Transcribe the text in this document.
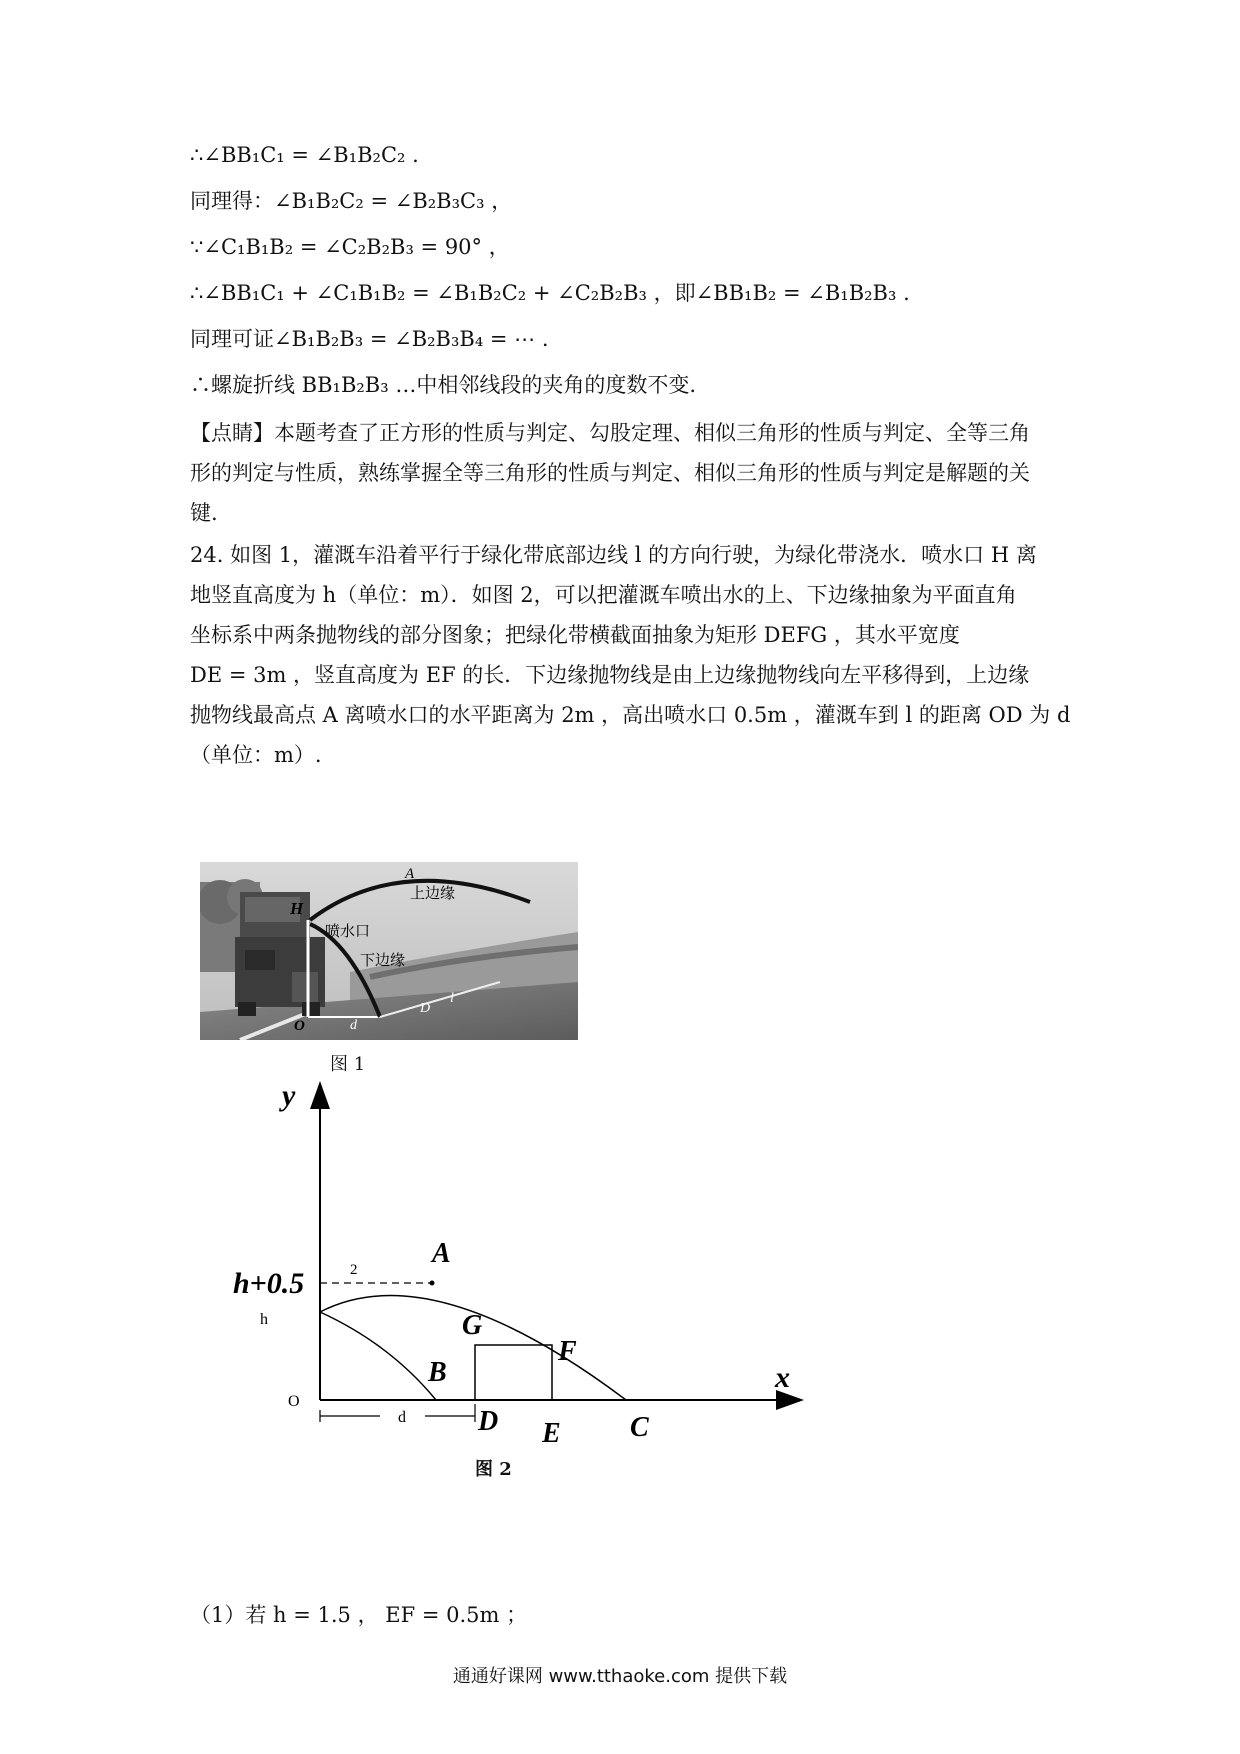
∴∠BB₁C₁ = ∠B₁B₂C₂ .
同理得：∠B₁B₂C₂ = ∠B₂B₃C₃ ，
∵∠C₁B₁B₂ = ∠C₂B₂B₃ = 90° ，
∴∠BB₁C₁ + ∠C₁B₁B₂ = ∠B₁B₂C₂ + ∠C₂B₂B₃ ，即∠BB₁B₂ = ∠B₁B₂B₃ .
同理可证∠B₁B₂B₃ = ∠B₂B₃B₄ = ⋯ .
∴螺旋折线 BB₁B₂B₃ …中相邻线段的夹角的度数不变.
【点睛】本题考查了正方形的性质与判定、勾股定理、相似三角形的性质与判定、全等三角
形的判定与性质，熟练掌握全等三角形的性质与判定、相似三角形的性质与判定是解题的关
键.
24. 如图 1，灌溉车沿着平行于绿化带底部边线 l 的方向行驶，为绿化带浇水．喷水口 H 离
地竖直高度为 h（单位：m）．如图 2，可以把灌溉车喷出水的上、下边缘抽象为平面直角
坐标系中两条抛物线的部分图象；把绿化带横截面抽象为矩形 DEFG ，其水平宽度
DE = 3m ，竖直高度为 EF 的长．下边缘抛物线是由上边缘抛物线向左平移得到，上边缘
抛物线最高点 A 离喷水口的水平距离为 2m ，高出喷水口 0.5m ，灌溉车到 l 的距离 OD 为 d
（单位：m）.
A
上边缘
H
喷水口
下边缘
O	d
D
l
图 1
y
x
O
h+0.5
h
2
A
B
G
F
D E C
d
图 2
（1）若 h = 1.5 ， EF = 0.5m ；
通通好课网 www.tthaoke.com 提供下载
